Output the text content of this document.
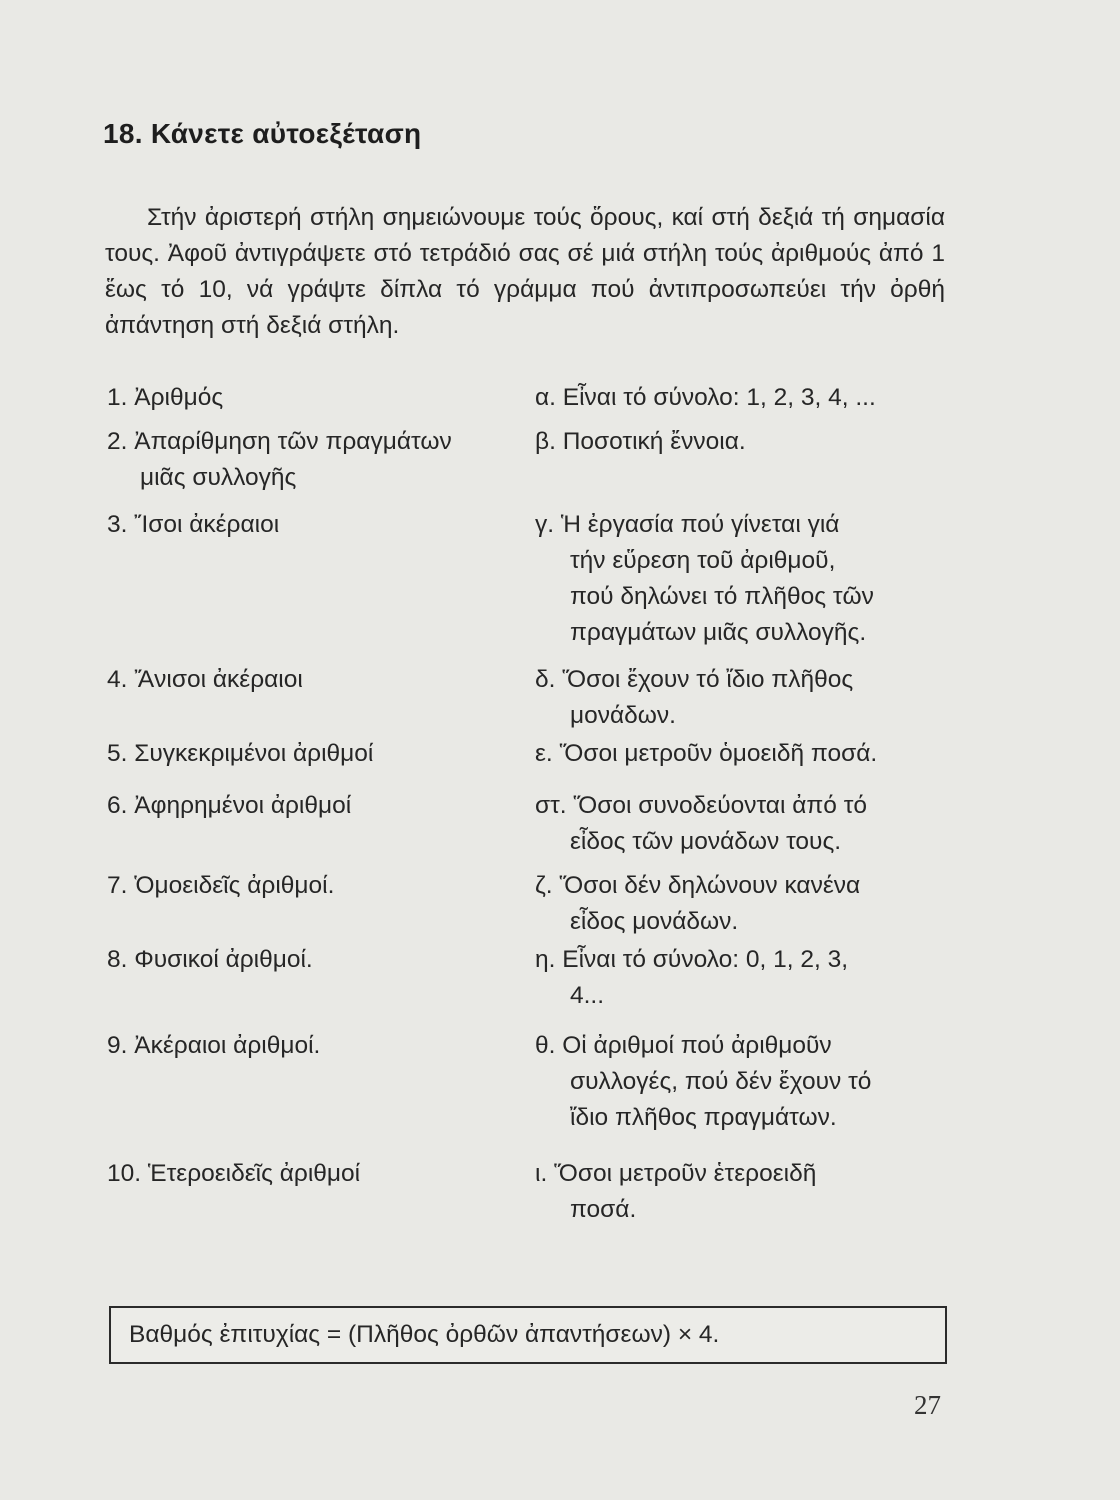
18. Κάνετε αὐτοεξέταση
Στήν ἀριστερή στήλη σημειώνουμε τούς ὅρους, καί στή δεξιά τή σημασία τους. Ἀφοῦ ἀντιγράψετε στό τετράδιό σας σέ μιά στήλη τούς ἀριθμούς ἀπό 1 ἕως τό 10, νά γράψτε δίπλα τό γράμμα πού ἀντιπροσωπεύει τήν ὀρθή ἀπάντηση στή δεξιά στήλη.
1. Ἀριθμός
2. Ἀπαρίθμηση τῶν πραγμάτων
μιᾶς συλλογῆς
3. Ἴσοι ἀκέραιοι
4. Ἄνισοι ἀκέραιοι
5. Συγκεκριμένοι ἀριθμοί
6. Ἀφηρημένοι ἀριθμοί
7. Ὁμοειδεῖς ἀριθμοί.
8. Φυσικοί ἀριθμοί.
9. Ἀκέραιοι ἀριθμοί.
10. Ἑτεροειδεῖς ἀριθμοί
α. Εἶναι τό σύνολο: 1, 2, 3, 4, ...
β. Ποσοτική ἔννοια.
γ. Ἡ ἐργασία πού γίνεται γιά
τήν εὕρεση τοῦ ἀριθμοῦ,
πού δηλώνει τό πλῆθος τῶν
πραγμάτων μιᾶς συλλογῆς.
δ. Ὅσοι ἔχουν τό ἴδιο πλῆθος
μονάδων.
ε. Ὅσοι μετροῦν ὁμοειδῆ ποσά.
στ. Ὅσοι συνοδεύονται ἀπό τό
εἶδος τῶν μονάδων τους.
ζ. Ὅσοι δέν δηλώνουν κανένα
εἶδος μονάδων.
η. Εἶναι τό σύνολο: 0, 1, 2, 3,
4...
θ. Οἱ ἀριθμοί πού ἀριθμοῦν
συλλογές, πού δέν ἔχουν τό
ἴδιο πλῆθος πραγμάτων.
ι. Ὅσοι μετροῦν ἑτεροειδῆ
ποσά.
Βαθμός ἐπιτυχίας = (Πλῆθος ὀρθῶν ἀπαντήσεων) × 4.
27
